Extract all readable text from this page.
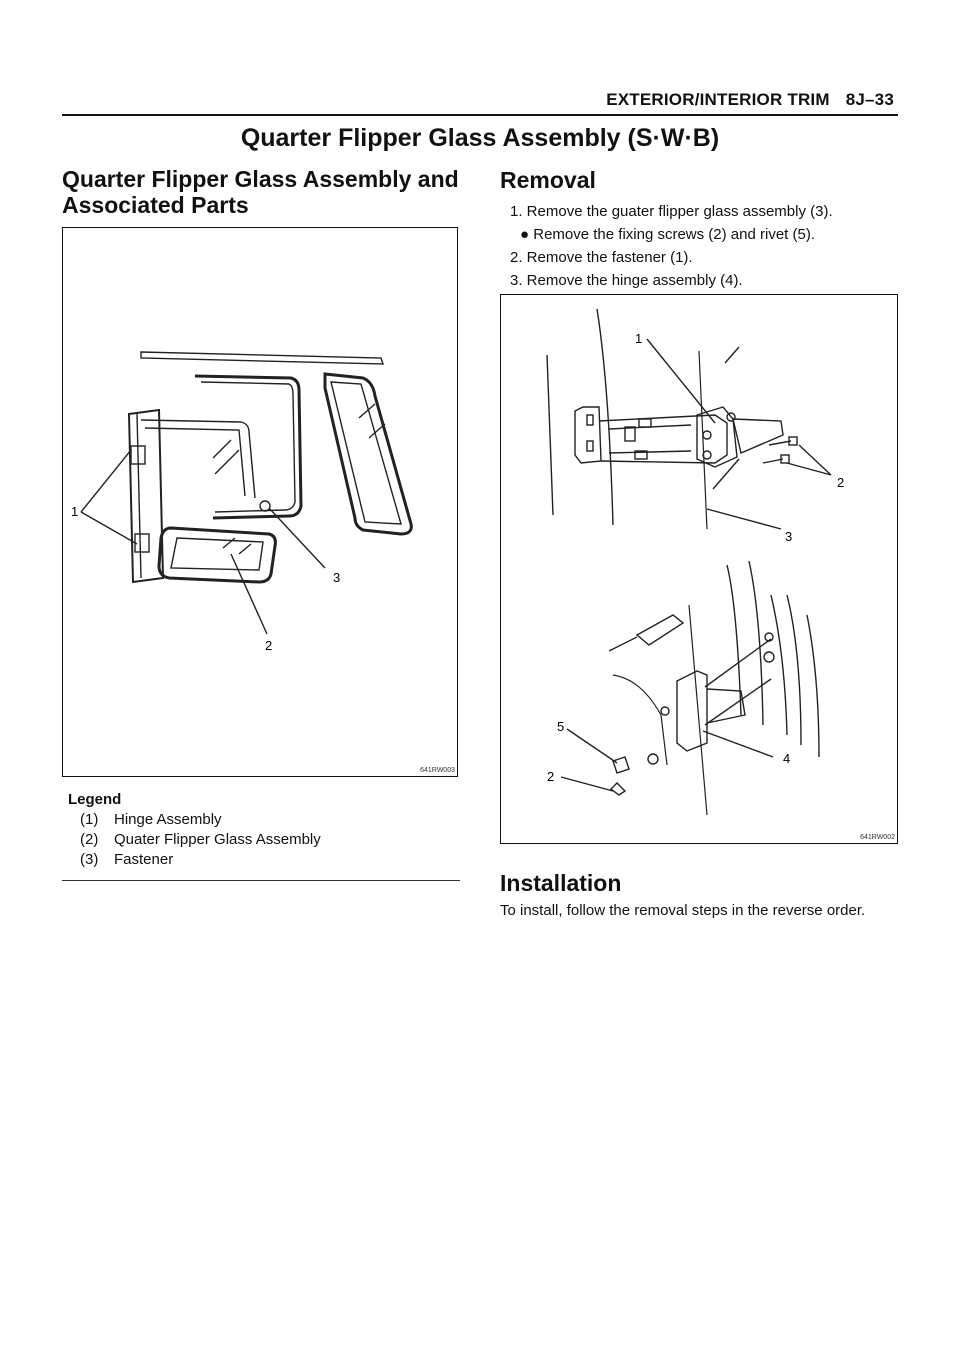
EXTERIOR/INTERIOR TRIM 8J–33
Quarter Flipper Glass Assembly (S·W·B)
Quarter Flipper Glass Assembly and Associated Parts
1
3
2
641RW003
Legend
(1) Hinge Assembly
(2) Quater Flipper Glass Assembly
(3) Fastener
Removal
1. Remove the guater flipper glass assembly (3).
● Remove the fixing screws (2) and rivet (5).
2. Remove the fastener (1).
3. Remove the hinge assembly (4).
1
2
3
5
4
2
641RW002
Installation
To install, follow the removal steps in the reverse order.
